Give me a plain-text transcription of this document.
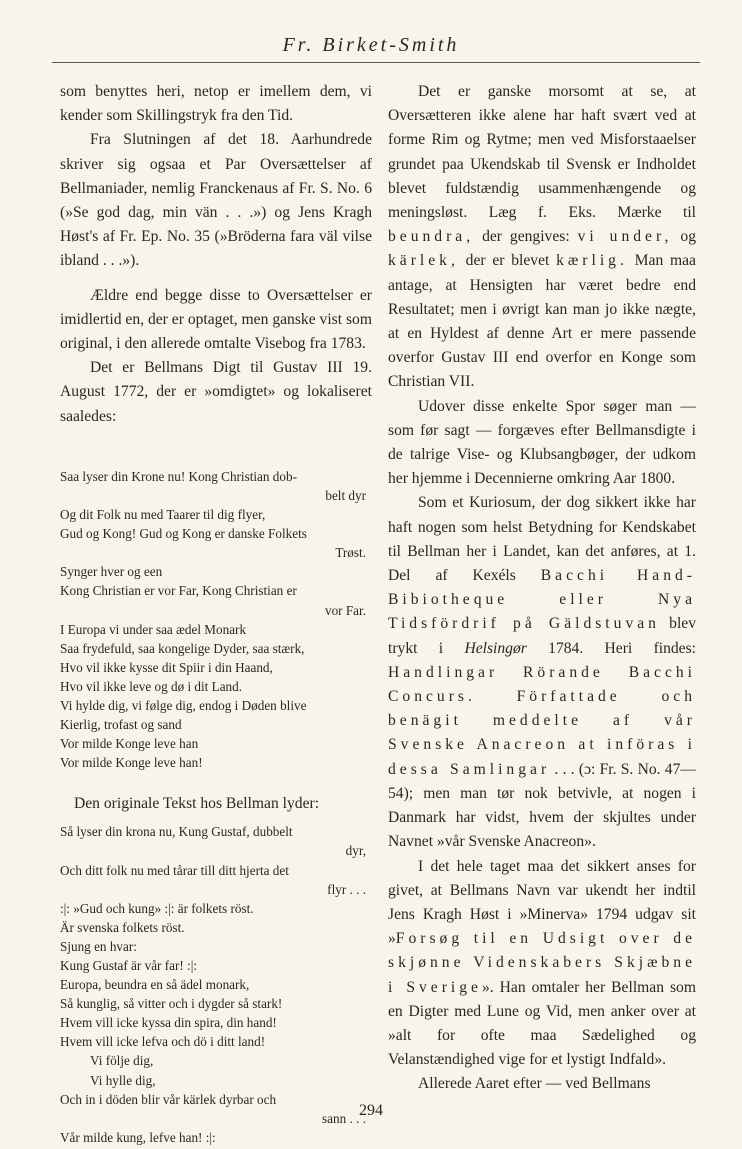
Fr. Birket-Smith

som benyttes heri, netop er imellem dem, vi kender som Skillingstryk fra den Tid.

Fra Slutningen af det 18. Aarhundrede skriver sig ogsaa et Par Oversættelser af Bellmaniader, nemlig Franckenaus af Fr. S. No. 6 (»Se god dag, min vän . . .») og Jens Kragh Høst's af Fr. Ep. No. 35 (»Bröderna fara väl vilse ibland . . .»).

Ældre end begge disse to Oversættelser er imidlertid en, der er optaget, men ganske vist som original, i den allerede omtalte Visebog fra 1783.

Det er Bellmans Digt til Gustav III 19. August 1772, der er »omdigtet» og lokaliseret saaledes:

Saa lyser din Krone nu! Kong Christian dob-
belt dyr
Og dit Folk nu med Taarer til dig flyer,
Gud og Kong! Gud og Kong er danske Folkets
Trøst.
Synger hver og een
Kong Christian er vor Far, Kong Christian er
vor Far.
I Europa vi under saa ædel Monark
Saa frydefuld, saa kongelige Dyder, saa stærk,
Hvo vil ikke kysse dit Spiir i din Haand,
Hvo vil ikke leve og dø i dit Land.
Vi hylde dig, vi følge dig, endog i Døden blive
Kierlig, trofast og sand
Vor milde Konge leve han
Vor milde Konge leve han!

Den originale Tekst hos Bellman lyder:

Så lyser din krona nu, Kung Gustaf, dubbelt
dyr,
Och ditt folk nu med tårar till ditt hjerta det
flyr . . .
:|: »Gud och kung» :|: är folkets röst.
Är svenska folkets röst.
Sjung en hvar:
Kung Gustaf är vår far! :|:
Europa, beundra en så ädel monark,
Så kunglig, så vitter och i dygder så stark!
Hvem vill icke kyssa din spira, din hand!
Hvem vill icke lefva och dö i ditt land!
Vi följe dig,
Vi hylle dig,
Och in i döden blir vår kärlek dyrbar och
sann . . .
Vår milde kung, lefve han! :|:

Det er ganske morsomt at se, at Oversætteren ikke alene har haft svært ved at forme Rim og Rytme; men ved Misforstaaelser grundet paa Ukendskab til Svensk er Indholdet blevet fuldstændig usammenhængende og meningsløst. Læg f. Eks. Mærke til beundra, der gengives: vi under, og kärlek, der er blevet kærlig. Man maa antage, at Hensigten har været bedre end Resultatet; men i øvrigt kan man jo ikke nægte, at en Hyldest af denne Art er mere passende overfor Gustav III end overfor en Konge som Christian VII.

Udover disse enkelte Spor søger man — som før sagt — forgæves efter Bellmansdigte i de talrige Vise- og Klubsangbøger, der udkom her hjemme i Decennierne omkring Aar 1800.

Som et Kuriosum, der dog sikkert ikke har haft nogen som helst Betydning for Kendskabet til Bellman her i Landet, kan det anføres, at 1. Del af Kexéls Bacchi Hand-Bibiotheque eller Nya Tidsfördrif på Gäldstuvan blev trykt i Helsingør 1784. Heri findes: Handlingar Rörande Bacchi Concurs. Författade och benägit meddelte af vår Svenske Anacreon at införas i dessa Samlingar . . . (ɔ: Fr. S. No. 47—54); men man tør nok betvivle, at nogen i Danmark har vidst, hvem der skjultes under Navnet »vår Svenske Anacreon».

I det hele taget maa det sikkert anses for givet, at Bellmans Navn var ukendt her indtil Jens Kragh Høst i »Minerva» 1794 udgav sit »Forsøg til en Udsigt over de skjønne Videnskabers Skjæbne i Sverige». Han omtaler her Bellman som en Digter med Lune og Vid, men anker over at »alt for ofte maa Sædelighed og Velanstændighed vige for et lystigt Indfald».

Allerede Aaret efter — ved Bellmans

294
